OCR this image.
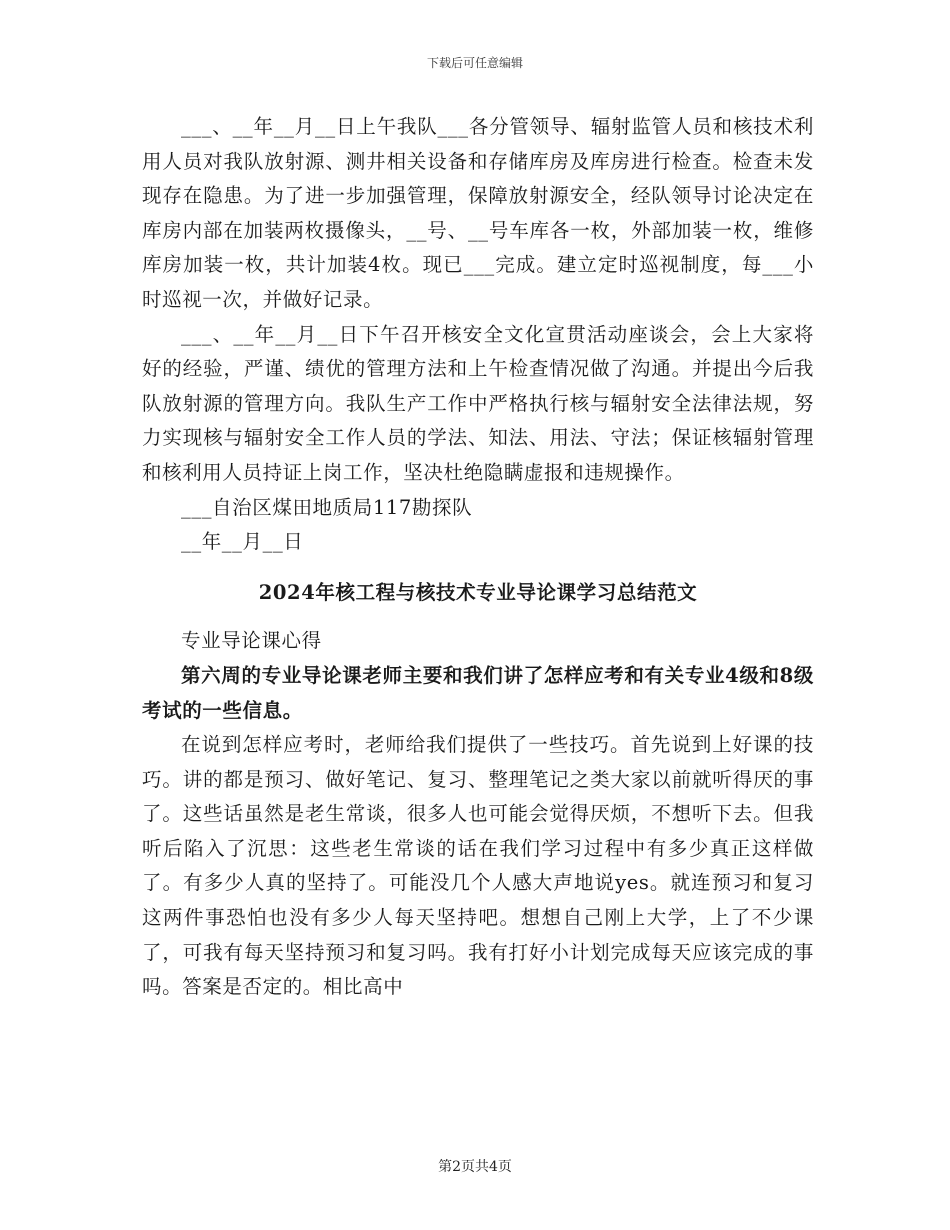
下载后可任意编辑

___、__年__月__日上午我队___各分管领导、辐射监管人员和核技术利用人员对我队放射源、测井相关设备和存储库房及库房进行检查。检查未发现存在隐患。为了进一步加强管理，保障放射源安全，经队领导讨论决定在库房内部在加装两枚摄像头，__号、__号车库各一枚，外部加装一枚，维修库房加装一枚，共计加装4枚。现已___完成。建立定时巡视制度，每___小时巡视一次，并做好记录。

___、__年__月__日下午召开核安全文化宣贯活动座谈会，会上大家将好的经验，严谨、绩优的管理方法和上午检查情况做了沟通。并提出今后我队放射源的管理方向。我队生产工作中严格执行核与辐射安全法律法规，努力实现核与辐射安全工作人员的学法、知法、用法、守法；保证核辐射管理和核利用人员持证上岗工作，坚决杜绝隐瞒虚报和违规操作。

___自治区煤田地质局117勘探队

__年__月__日

2024年核工程与核技术专业导论课学习总结范文

专业导论课心得

第六周的专业导论课老师主要和我们讲了怎样应考和有关专业4级和8级考试的一些信息。

在说到怎样应考时，老师给我们提供了一些技巧。首先说到上好课的技巧。讲的都是预习、做好笔记、复习、整理笔记之类大家以前就听得厌的事了。这些话虽然是老生常谈，很多人也可能会觉得厌烦，不想听下去。但我听后陷入了沉思：这些老生常谈的话在我们学习过程中有多少真正这样做了。有多少人真的坚持了。可能没几个人感大声地说yes。就连预习和复习这两件事恐怕也没有多少人每天坚持吧。想想自己刚上大学，上了不少课了，可我有每天坚持预习和复习吗。我有打好小计划完成每天应该完成的事吗。答案是否定的。相比高中

第2页共4页
